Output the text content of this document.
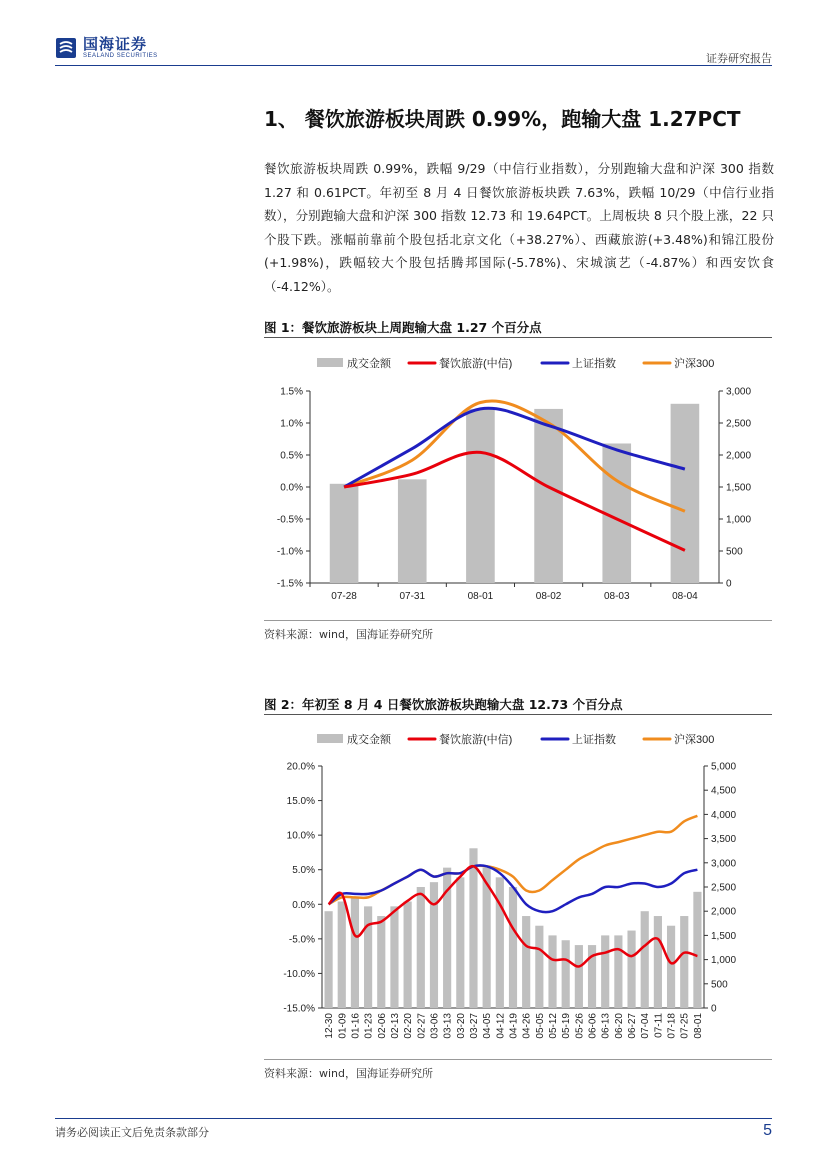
国海证券
SEALAND SECURITIES	证券研究报告
1、 餐饮旅游板块周跌 0.99%，跑输大盘 1.27PCT

餐饮旅游板块周跌 0.99%，跌幅 9/29（中信行业指数），分别跑输大盘和沪深 300 指数 1.27 和 0.61PCT。年初至 8 月 4 日餐饮旅游板块跌 7.63%，跌幅 10/29（中信行业指数），分别跑输大盘和沪深 300 指数 12.73 和 19.64PCT。上周板块 8 只个股上涨，22 只个股下跌。涨幅前靠前个股包括北京文化（+38.27%）、西藏旅游(+3.48%)和锦江股份(+1.98%)，跌幅较大个股包括腾邦国际(-5.78%)、宋城演艺（-4.87%）和西安饮食（-4.12%）。

图 1：餐饮旅游板块上周跑输大盘 1.27 个百分点
成交金额	餐饮旅游(中信)	上证指数	沪深300
1.5%
1.0%
0.5%
0.0%
-0.5%
-1.0%
-1.5%
3,000
2,500
2,000
1,500
1,000
500
0
07-28	07-31	08-01	08-02	08-03	08-04
资料来源：wind，国海证券研究所
图 2：年初至 8 月 4 日餐饮旅游板块跑输大盘 12.73 个百分点
成交金额	餐饮旅游(中信)	上证指数	沪深300
20.0%
15.0%
10.0%
5.0%
0.0%
-5.0%
-10.0%
-15.0%
5,000
4,500
4,000
3,500
3,000
2,500
2,000
1,500
1,000
500
0
12-30 01-09 01-16 01-23 02-06 02-13 02-20 02-27 03-06 03-13 03-20 03-27 04-05 04-12 04-19 04-26 05-05 05-12 05-19 05-26 06-06 06-13 06-20 06-27 07-04 07-11 07-18 07-25 08-01
资料来源：wind，国海证券研究所
请务必阅读正文后免责条款部分	5
